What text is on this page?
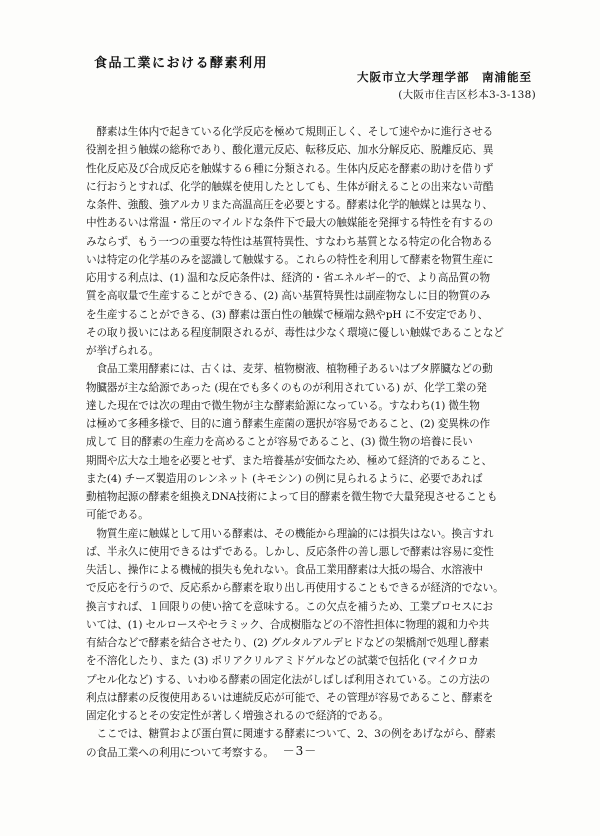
食品工業における酵素利用
大阪市立大学理学部　南浦能至
(大阪市住吉区杉本3-3-138)
　酵素は生体内で起きている化学反応を極めて規則正しく、そして速やかに進行させる
役割を担う触媒の総称であり、酸化還元反応、転移反応、加水分解反応、脱離反応、異
性化反応及び合成反応を触媒する６種に分類される。生体内反応を酵素の助けを借りず
に行おうとすれば、化学的触媒を使用したとしても、生体が耐えることの出来ない苛酷
な条件、強酸、強アルカリまた高温高圧を必要とする。酵素は化学的触媒とは異なり、
中性あるいは常温・常圧のマイルドな条件下で最大の触媒能を発揮する特性を有するの
みならず、もう一つの重要な特性は基質特異性、すなわち基質となる特定の化合物ある
いは特定の化学基のみを認識して触媒する。これらの特性を利用して酵素を物質生産に
応用する利点は、(1) 温和な反応条件は、経済的・省エネルギー的で、より高品質の物
質を高収量で生産することができる、(2) 高い基質特異性は副産物なしに目的物質のみ
を生産することができる、(3) 酵素は蛋白性の触媒で極端な熱やpH に不安定であり、
その取り扱いにはある程度制限されるが、毒性は少なく環境に優しい触媒であることなど
が挙げられる。
　食品工業用酵素には、古くは、麦芽、植物樹液、植物種子あるいはブタ膵臓などの動
物臓器が主な給源であった (現在でも多くのものが利用されている) が、化学工業の発
達した現在では次の理由で微生物が主な酵素給源になっている。すなわち(1) 微生物
は極めて多種多様で、目的に適う酵素生産菌の選択が容易であること、(2) 変異株の作
成して 目的酵素の生産力を高めることが容易であること、(3) 微生物の培養に長い
期間や広大な土地を必要とせず、また培養基が安価なため、極めて経済的であること、
また(4) チーズ製造用のレンネット (キモシン) の例に見られるように、必要であれば
動植物起源の酵素を組換えDNA技術によって目的酵素を微生物で大量発現させることも
可能である。
　物質生産に触媒として用いる酵素は、その機能から理論的には損失はない。換言すれ
ば、半永久に使用できるはずである。しかし、反応条件の善し悪しで酵素は容易に変性
失活し、操作による機械的損失も免れない。食品工業用酵素は大抵の場合、水溶液中
で反応を行うので、反応系から酵素を取り出し再使用することもできるが経済的でない。
換言すれば、１回限りの使い捨てを意味する。この欠点を補うため、工業プロセスにお
いては、(1) セルロースやセラミック、合成樹脂などの不溶性担体に物理的親和力や共
有結合などで酵素を結合させたり、(2) グルタルアルデヒドなどの架橋剤で処理し酵素
を不溶化したり、また (3) ポリアクリルアミドゲルなどの試薬で包括化 (マイクロカ
プセル化など) する、いわゆる酵素の固定化法がしばしば利用されている。この方法の
利点は酵素の反復使用あるいは連続反応が可能で、その管理が容易であること、酵素を
固定化するとその安定性が著しく増強されるので経済的である。
　ここでは、糖質および蛋白質に関連する酵素について、2、3の例をあげながら、酵素
の食品工業への利用について考察する。 －3－
